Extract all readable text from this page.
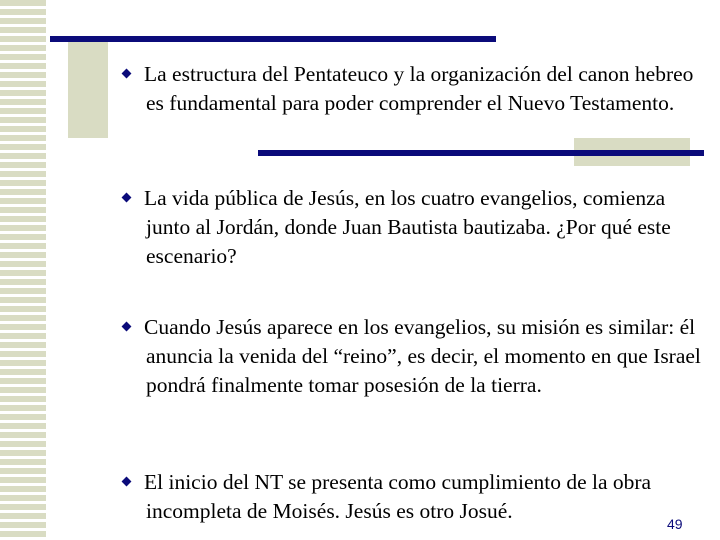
La estructura del Pentateuco y la organización del canon hebreo es fundamental para poder comprender el Nuevo Testamento.
La vida pública de Jesús, en los cuatro evangelios, comienza junto al Jordán, donde Juan Bautista bautizaba. ¿Por qué este escenario?
Cuando Jesús aparece en los evangelios, su misión es similar: él anuncia la venida del “reino”, es decir, el momento en que Israel pondrá finalmente tomar posesión de la tierra.
El inicio del NT se presenta como cumplimiento de la obra incompleta de Moisés. Jesús es otro Josué.
49
